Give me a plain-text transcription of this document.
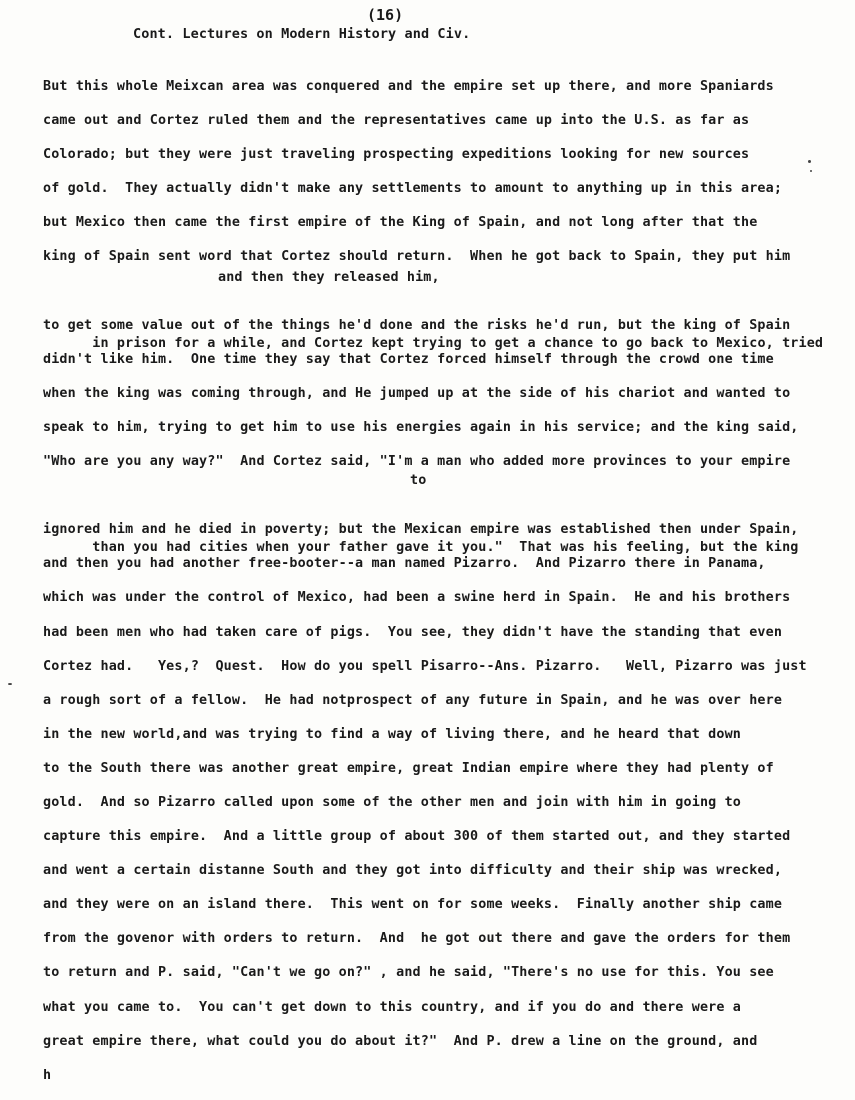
(16)
Cont. Lectures on Modern History and Civ.
But this whole Meixcan area was conquered and the empire set up there, and more Spaniards
came out and Cortez ruled them and the representatives came up into the U.S. as far as
Colorado; but they were just traveling prospecting expeditions looking for new sources
of gold.  They actually didn't make any settlements to amount to anything up in this area;
but Mexico then came the first empire of the King of Spain, and not long after that the
king of Spain sent word that Cortez should return.  When he got back to Spain, they put him

and then they released him,

in prison for a while, and Cortez kept trying to get a chance to go back to Mexico, tried

to get some value out of the things he'd done and the risks he'd run, but the king of Spain
didn't like him.  One time they say that Cortez forced himself through the crowd one time
when the king was coming through, and He jumped up at the side of his chariot and wanted to
speak to him, trying to get him to use his energies again in his service; and the king said,
"Who are you any way?"  And Cortez said, "I'm a man who added more provinces to your empire

to

than you had cities when your father gave it you."  That was his feeling, but the king

ignored him and he died in poverty; but the Mexican empire was established then under Spain,
and then you had another free-booter--a man named Pizarro.  And Pizarro there in Panama,
which was under the control of Mexico, had been a swine herd in Spain.  He and his brothers
had been men who had taken care of pigs.  You see, they didn't have the standing that even
Cortez had.   Yes,?  Quest.  How do you spell Pisarro--Ans. Pizarro.   Well, Pizarro was just
a rough sort of a fellow.  He had notprospect of any future in Spain, and he was over here
in the new world,and was trying to find a way of living there, and he heard that down
to the South there was another great empire, great Indian empire where they had plenty of
gold.  And so Pizarro called upon some of the other men and join with him in going to
capture this empire.  And a little group of about 300 of them started out, and they started
and went a certain distanne South and they got into difficulty and their ship was wrecked,
and they were on an island there.  This went on for some weeks.  Finally another ship came
from the govenor with orders to return.  And  he got out there and gave the orders for them
to return and P. said, "Can't we go on?" , and he said, "There's no use for this. You see
what you came to.  You can't get down to this country, and if you do and there were a
great empire there, what could you do about it?"  And P. drew a line on the ground, and
h
